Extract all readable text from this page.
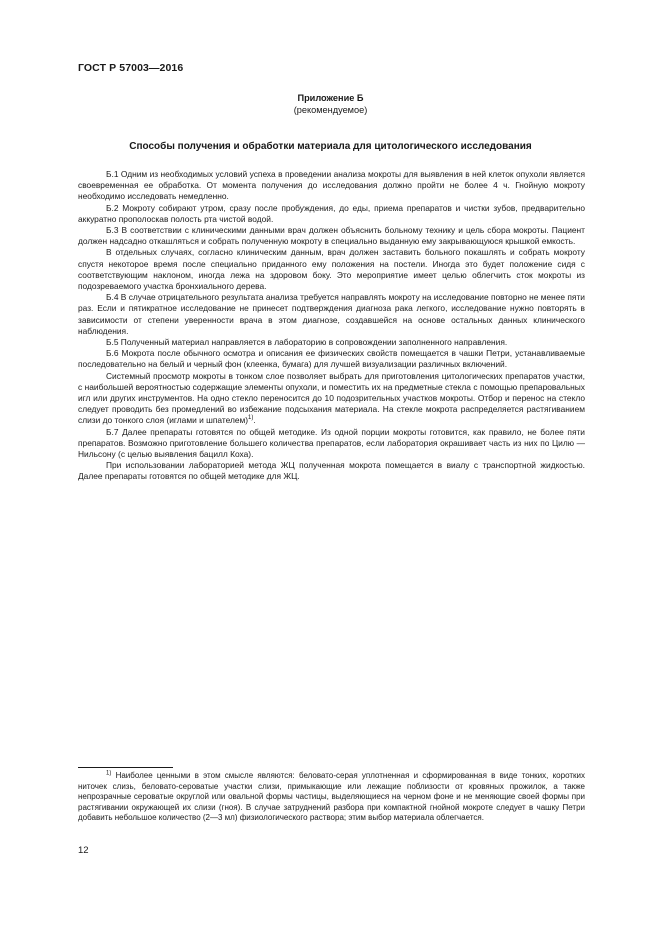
ГОСТ Р 57003—2016
Приложение Б
(рекомендуемое)
Способы получения и обработки материала для цитологического исследования

Б.1 Одним из необходимых условий успеха в проведении анализа мокроты для выявления в ней клеток опухоли является своевременная ее обработка. От момента получения до исследования должно пройти не более 4 ч. Гнойную мокроту необходимо исследовать немедленно.

Б.2 Мокроту собирают утром, сразу после пробуждения, до еды, приема препаратов и чистки зубов, предварительно аккуратно прополоскав полость рта чистой водой.

Б.3 В соответствии с клиническими данными врач должен объяснить больному технику и цель сбора мокроты. Пациент должен надсадно откашляться и собрать полученную мокроту в специально выданную ему закрывающуюся крышкой емкость.

В отдельных случаях, согласно клиническим данным, врач должен заставить больного покашлять и собрать мокроту спустя некоторое время после специально приданного ему положения на постели. Иногда это будет положение сидя с соответствующим наклоном, иногда лежа на здоровом боку. Это мероприятие имеет целью облегчить сток мокроты из подозреваемого участка бронхиального дерева.

Б.4 В случае отрицательного результата анализа требуется направлять мокроту на исследование повторно не менее пяти раз. Если и пятикратное исследование не принесет подтверждения диагноза рака легкого, исследование нужно повторять в зависимости от степени уверенности врача в этом диагнозе, создавшейся на основе остальных данных клинического наблюдения.

Б.5 Полученный материал направляется в лабораторию в сопровождении заполненного направления.

Б.6 Мокрота после обычного осмотра и описания ее физических свойств помещается в чашки Петри, устанавливаемые последовательно на белый и черный фон (клеенка, бумага) для лучшей визуализации различных включений.

Системный просмотр мокроты в тонком слое позволяет выбрать для приготовления цитологических препаратов участки, с наибольшей вероятностью содержащие элементы опухоли, и поместить их на предметные стекла с помощью препаровальных игл или других инструментов. На одно стекло переносится до 10 подозрительных участков мокроты. Отбор и перенос на стекло следует проводить без промедлений во избежание подсыхания материала. На стекле мокрота распределяется растягиванием слизи до тонкого слоя (иглами и шпателем)$^{1)}$.

Б.7 Далее препараты готовятся по общей методике. Из одной порции мокроты готовится, как правило, не более пяти препаратов. Возможно приготовление большего количества препаратов, если лаборатория окрашивает часть из них по Цилю — Нильсону (с целью выявления бацилл Коха).

При использовании лабораторией метода ЖЦ полученная мокрота помещается в виалу с транспортной жидкостью. Далее препараты готовятся по общей методике для ЖЦ.

$^{1)}$ Наиболее ценными в этом смысле являются: беловато-серая уплотненная и сформированная в виде тонких, коротких ниточек слизь, беловато-сероватые участки слизи, примыкающие или лежащие поблизости от кровяных прожилок, а также непрозрачные сероватые округлой или овальной формы частицы, выделяющиеся на черном фоне и не меняющие своей формы при растягивании окружающей их слизи (гноя). В случае затруднений разбора при компактной гнойной мокроте следует в чашку Петри добавить небольшое количество (2—3 мл) физиологического раствора; этим выбор материала облегчается.

12
